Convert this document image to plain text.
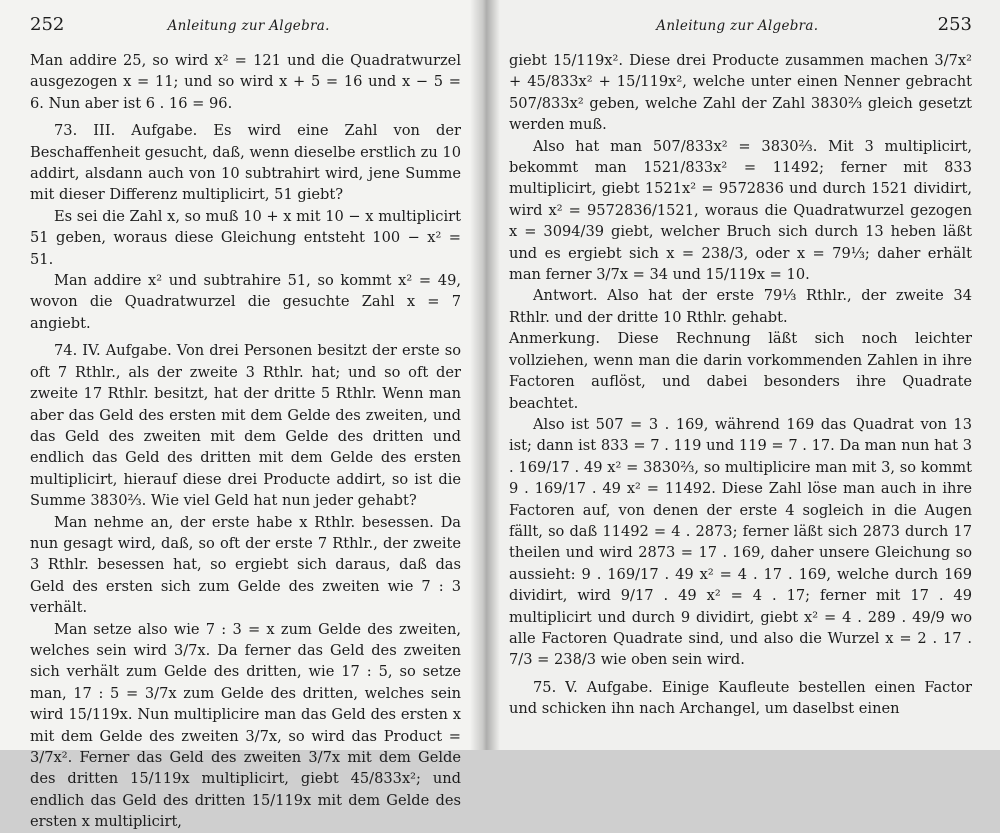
252	Anleitung zur Algebra.

Man addire 25, so wird x² = 121 und die Quadratwurzel ausgezogen x = 11; und so wird x + 5 = 16 und x − 5 = 6. Nun aber ist 6 . 16 = 96.

73. III. Aufgabe. Es wird eine Zahl von der Beschaffenheit gesucht, daß, wenn dieselbe erstlich zu 10 addirt, alsdann auch von 10 subtrahirt wird, jene Summe mit dieser Differenz multiplicirt, 51 giebt?

Es sei die Zahl x, so muß 10 + x mit 10 − x multiplicirt 51 geben, woraus diese Gleichung entsteht 100 − x² = 51.

Man addire x² und subtrahire 51, so kommt x² = 49, wovon die Quadratwurzel die gesuchte Zahl x = 7 angiebt.

74. IV. Aufgabe. Von drei Personen besitzt der erste so oft 7 Rthlr., als der zweite 3 Rthlr. hat; und so oft der zweite 17 Rthlr. besitzt, hat der dritte 5 Rthlr. Wenn man aber das Geld des ersten mit dem Gelde des zweiten, und das Geld des zweiten mit dem Gelde des dritten und endlich das Geld des dritten mit dem Gelde des ersten multiplicirt, hierauf diese drei Producte addirt, so ist die Summe 3830⅔. Wie viel Geld hat nun jeder gehabt?

Man nehme an, der erste habe x Rthlr. besessen. Da nun gesagt wird, daß, so oft der erste 7 Rthlr., der zweite 3 Rthlr. besessen hat, so ergiebt sich daraus, daß das Geld des ersten sich zum Gelde des zweiten wie 7 : 3 verhält.

Man setze also wie 7 : 3 = x zum Gelde des zweiten, welches sein wird 3/7x. Da ferner das Geld des zweiten sich verhält zum Gelde des dritten, wie 17 : 5, so setze man, 17 : 5 = 3/7x zum Gelde des dritten, welches sein wird 15/119x. Nun multiplicire man das Geld des ersten x mit dem Gelde des zweiten 3/7x, so wird das Product = 3/7x². Ferner das Geld des zweiten 3/7x mit dem Gelde des dritten 15/119x multiplicirt, giebt 45/833x²; und endlich das Geld des dritten 15/119x mit dem Gelde des ersten x multiplicirt,

Anleitung zur Algebra.	253

giebt 15/119x². Diese drei Producte zusammen machen 3/7x² + 45/833x² + 15/119x², welche unter einen Nenner gebracht 507/833x² geben, welche Zahl der Zahl 3830⅔ gleich gesetzt werden muß.

Also hat man 507/833x² = 3830⅔. Mit 3 multiplicirt, bekommt man 1521/833x² = 11492; ferner mit 833 multiplicirt, giebt 1521x² = 9572836 und durch 1521 dividirt, wird x² = 9572836/1521, woraus die Quadratwurzel gezogen x = 3094/39 giebt, welcher Bruch sich durch 13 heben läßt und es ergiebt sich x = 238/3, oder x = 79⅓; daher erhält man ferner 3/7x = 34 und 15/119x = 10.

Antwort. Also hat der erste 79⅓ Rthlr., der zweite 34 Rthlr. und der dritte 10 Rthlr. gehabt.

Anmerkung. Diese Rechnung läßt sich noch leichter vollziehen, wenn man die darin vorkommenden Zahlen in ihre Factoren auflöst, und dabei besonders ihre Quadrate beachtet.

Also ist 507 = 3 . 169, während 169 das Quadrat von 13 ist; dann ist 833 = 7 . 119 und 119 = 7 . 17. Da man nun hat 3 . 169/17 . 49 x² = 3830⅔, so multiplicire man mit 3, so kommt 9 . 169/17 . 49 x² = 11492. Diese Zahl löse man auch in ihre Factoren auf, von denen der erste 4 sogleich in die Augen fällt, so daß 11492 = 4 . 2873; ferner läßt sich 2873 durch 17 theilen und wird 2873 = 17 . 169, daher unsere Gleichung so aussieht: 9 . 169/17 . 49 x² = 4 . 17 . 169, welche durch 169 dividirt, wird 9/17 . 49 x² = 4 . 17; ferner mit 17 . 49 multiplicirt und durch 9 dividirt, giebt x² = 4 . 289 . 49/9 wo alle Factoren Quadrate sind, und also die Wurzel x = 2 . 17 . 7/3 = 238/3 wie oben sein wird.

75. V. Aufgabe. Einige Kaufleute bestellen einen Factor und schicken ihn nach Archangel, um daselbst einen
